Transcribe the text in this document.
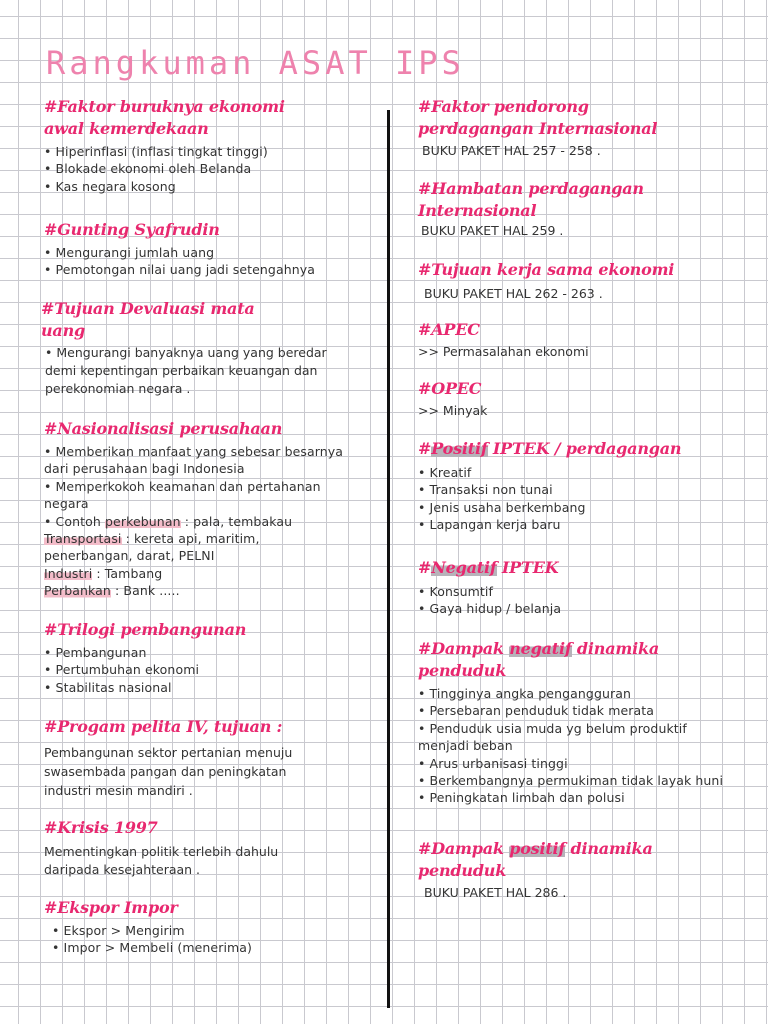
Rangkuman ASAT IPS
#Faktor buruknya ekonomi
awal kemerdekaan
• Hiperinflasi (inflasi tingkat tinggi)
• Blokade ekonomi oleh Belanda
• Kas negara kosong
#Gunting Syafrudin
• Mengurangi jumlah uang
• Pemotongan nilai uang jadi setengahnya
#Tujuan Devaluasi mata
uang
• Mengurangi banyaknya uang yang beredar demi kepentingan perbaikan keuangan dan perekonomian negara .
#Nasionalisasi perusahaan
• Memberikan manfaat yang sebesar besarnya dari perusahaan bagi Indonesia
• Memperkokoh keamanan dan pertahanan negara
• Contoh perkebunan : pala, tembakau
Transportasi : kereta api, maritim,
penerbangan, darat, PELNI
Industri : Tambang
Perbankan : Bank .....
#Trilogi pembangunan
• Pembangunan
• Pertumbuhan ekonomi
• Stabilitas nasional
#Progam pelita IV, tujuan :
Pembangunan sektor pertanian menuju
swasembada pangan dan peningkatan
industri mesin mandiri .
#Krisis 1997
Mementingkan politik terlebih dahulu
daripada kesejahteraan .
#Ekspor Impor
• Ekspor > Mengirim
• Impor > Membeli (menerima)
#Faktor pendorong
perdagangan Internasional
BUKU PAKET HAL 257 - 258 .
#Hambatan perdagangan
Internasional
BUKU PAKET HAL 259 .
#Tujuan kerja sama ekonomi
BUKU PAKET HAL 262 - 263 .
#APEC
>> Permasalahan ekonomi
#OPEC
>> Minyak
#Positif IPTEK / perdagangan
• Kreatif
• Transaksi non tunai
• Jenis usaha berkembang
• Lapangan kerja baru
#Negatif IPTEK
• Konsumtif
• Gaya hidup / belanja
#Dampak negatif dinamika
penduduk
• Tingginya angka pengangguran
• Persebaran penduduk tidak merata
• Penduduk usia muda yg belum produktif menjadi beban
• Arus urbanisasi tinggi
• Berkembangnya permukiman tidak layak huni
• Peningkatan limbah dan polusi
#Dampak positif dinamika
penduduk
BUKU PAKET HAL 286 .
